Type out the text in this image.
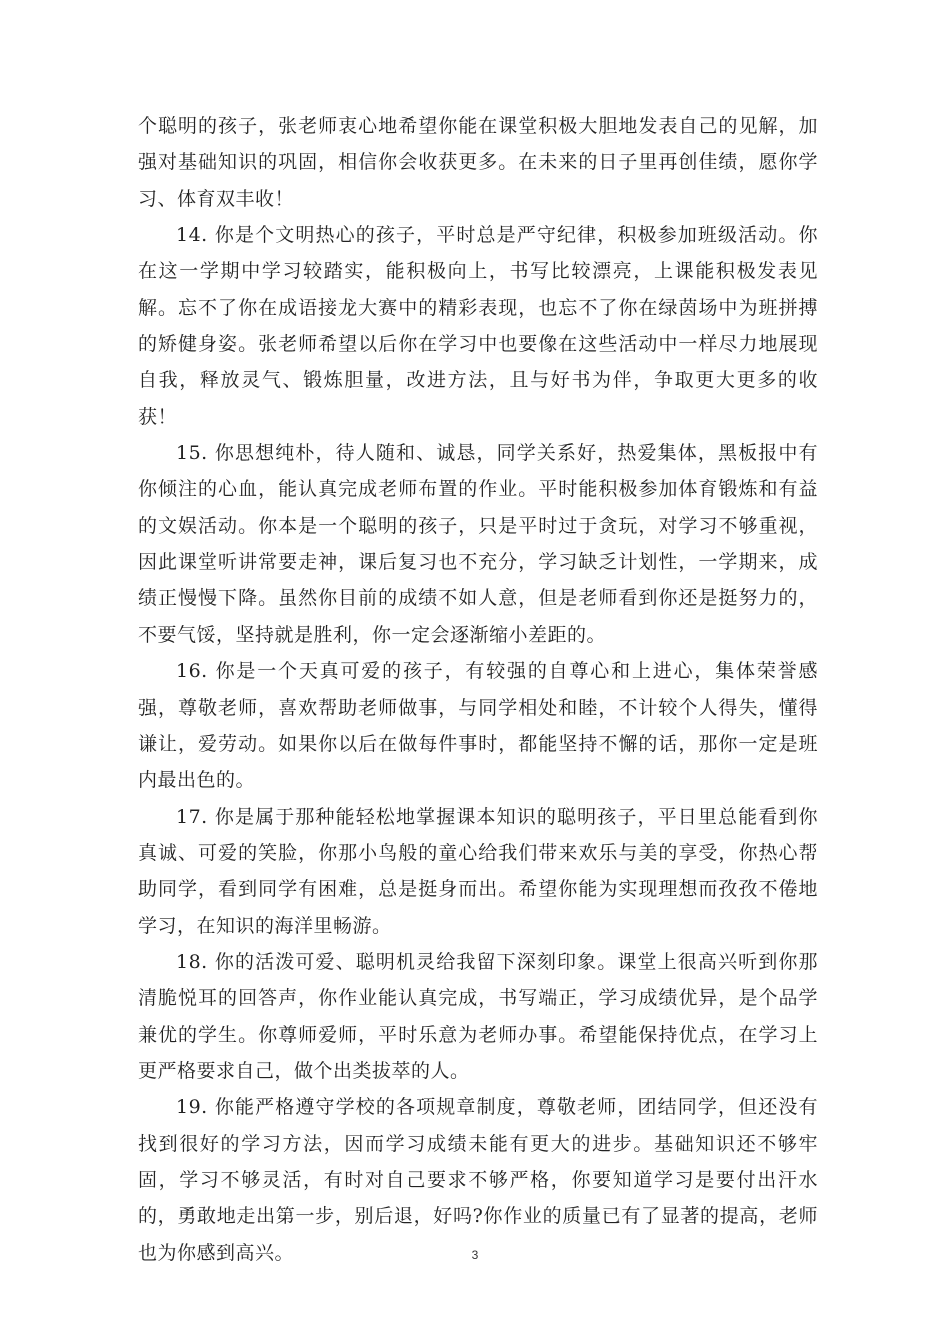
个聪明的孩子，张老师衷心地希望你能在课堂积极大胆地发表自己的见解，加强对基础知识的巩固，相信你会收获更多。在未来的日子里再创佳绩，愿你学习、体育双丰收！

14. 你是个文明热心的孩子，平时总是严守纪律，积极参加班级活动。你在这一学期中学习较踏实，能积极向上，书写比较漂亮，上课能积极发表见解。忘不了你在成语接龙大赛中的精彩表现，也忘不了你在绿茵场中为班拼搏的矫健身姿。张老师希望以后你在学习中也要像在这些活动中一样尽力地展现自我，释放灵气、锻炼胆量，改进方法，且与好书为伴，争取更大更多的收获！

15. 你思想纯朴，待人随和、诚恳，同学关系好，热爱集体，黑板报中有你倾注的心血，能认真完成老师布置的作业。平时能积极参加体育锻炼和有益的文娱活动。你本是一个聪明的孩子，只是平时过于贪玩，对学习不够重视，因此课堂听讲常要走神，课后复习也不充分，学习缺乏计划性，一学期来，成绩正慢慢下降。虽然你目前的成绩不如人意，但是老师看到你还是挺努力的，不要气馁，坚持就是胜利，你一定会逐渐缩小差距的。

16. 你是一个天真可爱的孩子，有较强的自尊心和上进心，集体荣誉感强，尊敬老师，喜欢帮助老师做事，与同学相处和睦，不计较个人得失，懂得谦让，爱劳动。如果你以后在做每件事时，都能坚持不懈的话，那你一定是班内最出色的。

17. 你是属于那种能轻松地掌握课本知识的聪明孩子，平日里总能看到你真诚、可爱的笑脸，你那小鸟般的童心给我们带来欢乐与美的享受，你热心帮助同学，看到同学有困难，总是挺身而出。希望你能为实现理想而孜孜不倦地学习，在知识的海洋里畅游。

18. 你的活泼可爱、聪明机灵给我留下深刻印象。课堂上很高兴听到你那清脆悦耳的回答声，你作业能认真完成，书写端正，学习成绩优异，是个品学兼优的学生。你尊师爱师，平时乐意为老师办事。希望能保持优点，在学习上更严格要求自己，做个出类拔萃的人。

19. 你能严格遵守学校的各项规章制度，尊敬老师，团结同学，但还没有找到很好的学习方法，因而学习成绩未能有更大的进步。基础知识还不够牢固，学习不够灵活，有时对自己要求不够严格，你要知道学习是要付出汗水的，勇敢地走出第一步，别后退，好吗?你作业的质量已有了显著的提高，老师也为你感到高兴。	3
